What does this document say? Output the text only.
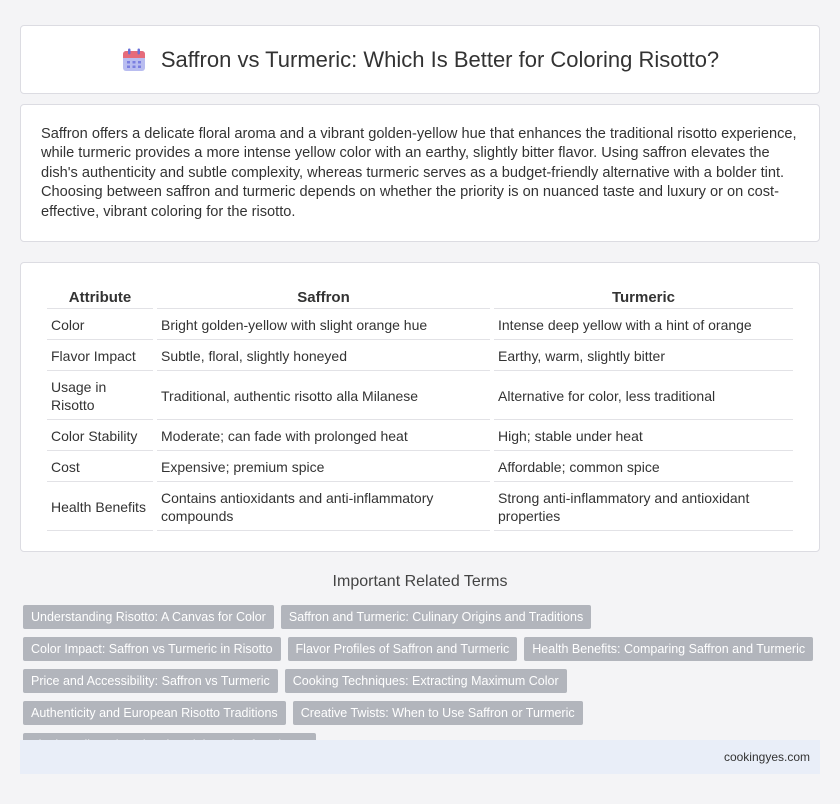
Saffron vs Turmeric: Which Is Better for Coloring Risotto?

Saffron offers a delicate floral aroma and a vibrant golden-yellow hue that enhances the traditional risotto experience, while turmeric provides a more intense yellow color with an earthy, slightly bitter flavor. Using saffron elevates the dish's authenticity and subtle complexity, whereas turmeric serves as a budget-friendly alternative with a bolder tint. Choosing between saffron and turmeric depends on whether the priority is on nuanced taste and luxury or on cost-effective, vibrant coloring for the risotto.

Attribute	Saffron	Turmeric
Color	Bright golden-yellow with slight orange hue	Intense deep yellow with a hint of orange
Flavor Impact	Subtle, floral, slightly honeyed	Earthy, warm, slightly bitter
Usage in Risotto	Traditional, authentic risotto alla Milanese	Alternative for color, less traditional
Color Stability	Moderate; can fade with prolonged heat	High; stable under heat
Cost	Expensive; premium spice	Affordable; common spice
Health Benefits	Contains antioxidants and anti-inflammatory compounds	Strong anti-inflammatory and antioxidant properties
Important Related Terms
Understanding Risotto: A Canvas for Color	Saffron and Turmeric: Culinary Origins and Traditions
Color Impact: Saffron vs Turmeric in Risotto	Flavor Profiles of Saffron and Turmeric	Health Benefits: Comparing Saffron and Turmeric
Price and Accessibility: Saffron vs Turmeric	Cooking Techniques: Extracting Maximum Color
Authenticity and European Risotto Traditions	Creative Twists: When to Use Saffron or Turmeric
cookingyes.com
